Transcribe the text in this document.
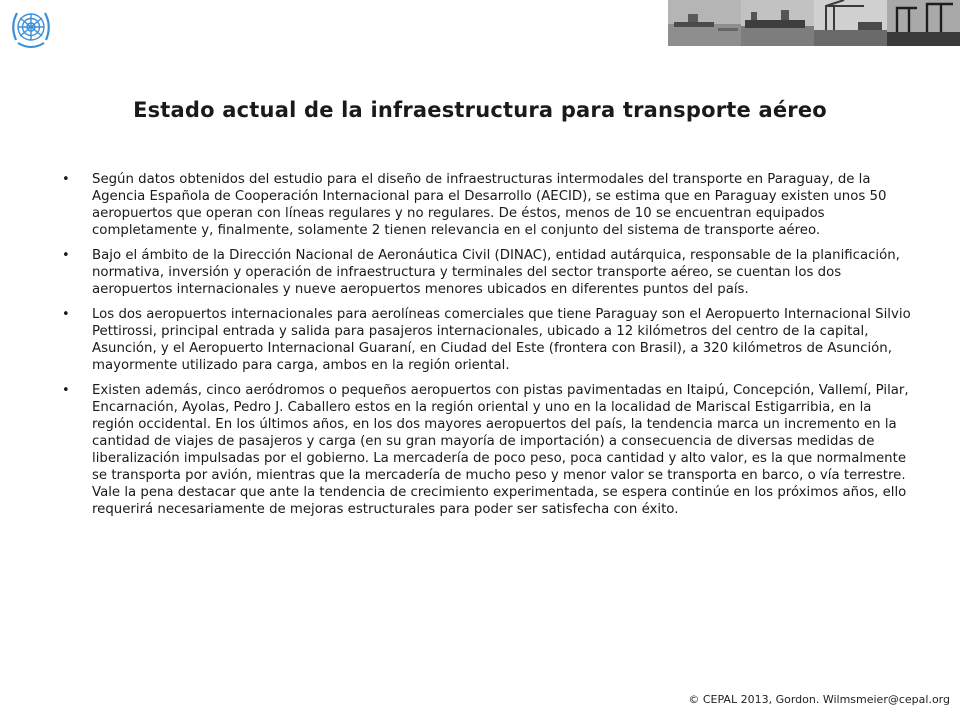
Estado actual de la infraestructura para transporte aéreo
• Según datos obtenidos del estudio para el diseño de infraestructuras intermodales del transporte en Paraguay, de la Agencia Española de Cooperación Internacional para el Desarrollo (AECID), se estima que en Paraguay existen unos 50 aeropuertos que operan con líneas regulares y no regulares. De éstos, menos de 10 se encuentran equipados completamente y, finalmente, solamente 2 tienen relevancia en el conjunto del sistema de transporte aéreo.
• Bajo el ámbito de la Dirección Nacional de Aeronáutica Civil (DINAC), entidad autárquica, responsable de la planificación, normativa, inversión y operación de infraestructura y terminales del sector transporte aéreo, se cuentan los dos aeropuertos internacionales y nueve aeropuertos menores ubicados en diferentes puntos del país.
• Los dos aeropuertos internacionales para aerolíneas comerciales que tiene Paraguay son el Aeropuerto Internacional Silvio Pettirossi, principal entrada y salida para pasajeros internacionales, ubicado a 12 kilómetros del centro de la capital, Asunción, y el Aeropuerto Internacional Guaraní, en Ciudad del Este (frontera con Brasil), a 320 kilómetros de Asunción, mayormente utilizado para carga, ambos en la región oriental.
• Existen además, cinco aeródromos o pequeños aeropuertos con pistas pavimentadas en Itaipú, Concepción, Vallemí, Pilar, Encarnación, Ayolas, Pedro J. Caballero estos en la región oriental y uno en la localidad de Mariscal Estigarribia, en la región occidental. En los últimos años, en los dos mayores aeropuertos del país, la tendencia marca un incremento en la cantidad de viajes de pasajeros y carga (en su gran mayoría de importación) a consecuencia de diversas medidas de liberalización impulsadas por el gobierno. La mercadería de poco peso, poca cantidad y alto valor, es la que normalmente se transporta por avión, mientras que la mercadería de mucho peso y menor valor se transporta en barco, o vía terrestre. Vale la pena destacar que ante la tendencia de crecimiento experimentada, se espera continúe en los próximos años, ello requerirá necesariamente de mejoras estructurales para poder ser satisfecha con éxito.
© CEPAL 2013, Gordon. Wilmsmeier@cepal.org
